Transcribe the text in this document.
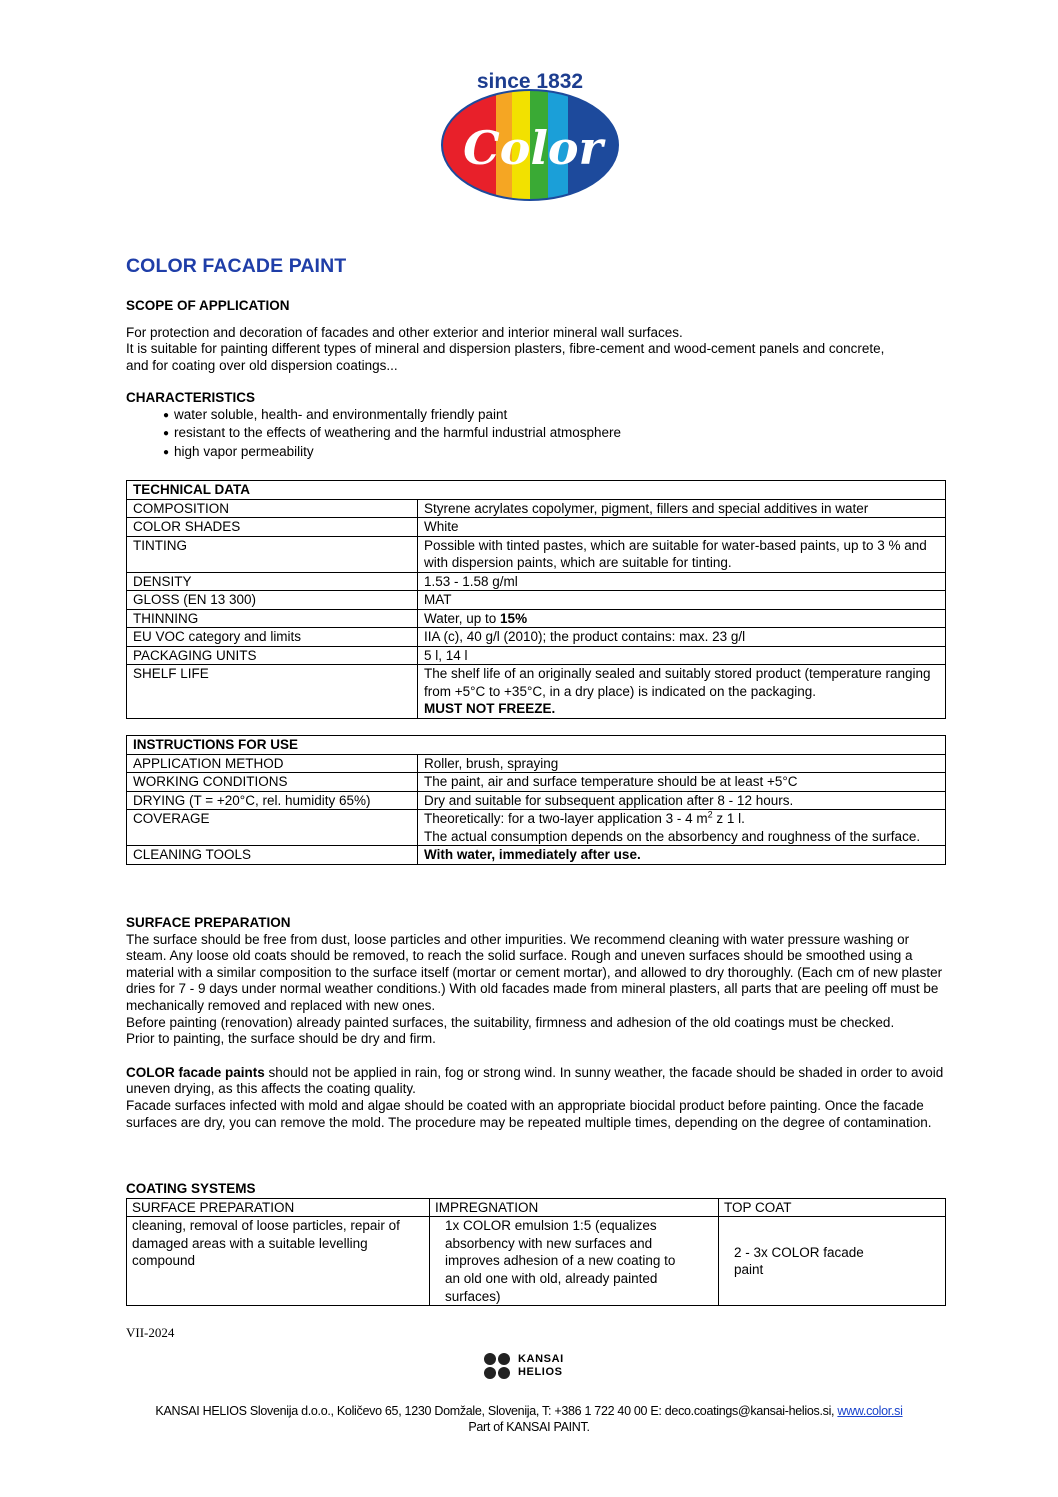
since 1832
Color
COLOR FACADE PAINT
SCOPE OF APPLICATION
For protection and decoration of facades and other exterior and interior mineral wall surfaces.
It is suitable for painting different types of mineral and dispersion plasters, fibre-cement and wood-cement panels and concrete,
and for coating over old dispersion coatings...
CHARACTERISTICS
● water soluble, health- and environmentally friendly paint
● resistant to the effects of weathering and the harmful industrial atmosphere
● high vapor permeability
TECHNICAL DATA	
COMPOSITION	Styrene acrylates copolymer, pigment, fillers and special additives in water
COLOR SHADES	White
TINTING	Possible with tinted pastes, which are suitable for water-based paints, up to 3 % and with dispersion paints, which are suitable for tinting.
DENSITY	1.53 - 1.58 g/ml
GLOSS (EN 13 300)	MAT
THINNING	Water, up to 15%
EU VOC category and limits	IIA (c), 40 g/l (2010); the product contains: max. 23 g/l
PACKAGING UNITS	5 l, 14 l
SHELF LIFE	The shelf life of an originally sealed and suitably stored product (temperature ranging from +5°C to +35°C, in a dry place) is indicated on the packaging.
MUST NOT FREEZE.
INSTRUCTIONS FOR USE	
APPLICATION METHOD	Roller, brush, spraying
WORKING CONDITIONS	The paint, air and surface temperature should be at least +5°C
DRYING (T = +20°C, rel. humidity 65%)	Dry and suitable for subsequent application after 8 - 12 hours.
COVERAGE	Theoretically: for a two-layer application 3 - 4 $m^2$ z 1 l.
The actual consumption depends on the absorbency and roughness of the surface.

CLEANING TOOLS	With water, immediately after use.
SURFACE PREPARATION

The surface should be free from dust, loose particles and other impurities. We recommend cleaning with water pressure washing or steam. Any loose old coats should be removed, to reach the solid surface. Rough and uneven surfaces should be smoothed using a material with a similar composition to the surface itself (mortar or cement mortar), and allowed to dry thoroughly. (Each cm of new plaster dries for 7 - 9 days under normal weather conditions.) With old facades made from mineral plasters, all parts that are peeling off must be mechanically removed and replaced with new ones.

Before painting (renovation) already painted surfaces, the suitability, firmness and adhesion of the old coatings must be checked.

Prior to painting, the surface should be dry and firm.

COLOR facade paints should not be applied in rain, fog or strong wind. In sunny weather, the facade should be shaded in order to avoid uneven drying, as this affects the coating quality.

Facade surfaces infected with mold and algae should be coated with an appropriate biocidal product before painting. Once the facade surfaces are dry, you can remove the mold. The procedure may be repeated multiple times, depending on the degree of contamination.

COATING SYSTEMS
SURFACE PREPARATION	IMPREGNATION	TOP COAT
cleaning, removal of loose particles, repair of damaged areas with a suitable levelling compound	1x COLOR emulsion 1:5 (equalizes absorbency with new surfaces and improves adhesion of a new coating to an old one with old, already painted surfaces)	2 - 3x COLOR facade paint
VII-2024
KANSAI
HELIOS
KANSAI HELIOS Slovenija d.o.o., Količevo 65, 1230 Domžale, Slovenija, T: +386 1 722 40 00 E: deco.coatings@kansai-helios.si, www.color.si
Part of KANSAI PAINT.
